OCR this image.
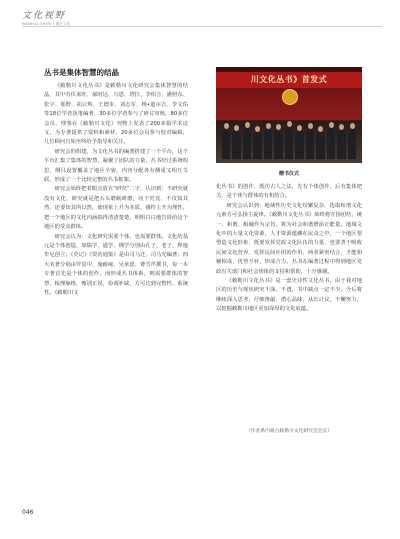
文化视野
WENHUA SHIYE | 康巴文化
丛书是集体智慧的结晶

《敕勒川文化丛书》是敕勒川文化研究会集体智慧的结晶，其中有伏来旺、郝时远、乌恩、塔拉、李相合、潘照东、张宇、那野、胡云辉、王德步、刘志军、杨•道尔吉、李文佑等18位学者执笔编著，30多位学者参与了研讨审核，80多位会员、理事在《敕勒川文化》刊物上发表了200多篇学术论文，为专著提供了资料和素材，20多位会员参与校对编辑，几位顾问自始至终给予指导和关注。

研究会的组建，为文化丛书的编著搭建了一个平台，这个平台汇集了集体的智慧，凝聚了团队的力量，丛书经过系统构思，纲目设置覆盖了地区全貌，内容分配各有侧重又相互关联，形成了一个比较完整的丛书框架。

研究会始终把着眼点放在“研究”二字，认识到：不研究就没有文化，研究就是把石头磨砺研磨，问个究竟，不仅知其然，还要知其所以然，使现象上升为本质，感性上升为理性，把一个地区的文化内涵搞得清清楚楚，明明白白地告诉给这个地区的受众群体。

研究会认为：文化研究需要个体，也需要群体。文化的基元是个体创造，如儒学、道学、佛学分别由孔子、老子、释迦牟尼创立；《史记》《资治通鉴》是由司马迁、司马光编著；四大名著分别由罗贯中、施耐庵、吴承恩、曹雪芹撰书，每一本专著首先是个体的创作，而形成丛书体系，则需要群体的智慧，梳理脉络，甄别正误，协调补缺，方可达到完整性、系统性。《敕勒川文

川文化丛书》首发式
赠书仪式

化丛书》的创作，既仿古人之法，先有个体创作，后有集体把关，是个体与群体的有机结合。

研究会认识到：地域性历史文化纷繁复杂，选取和谐文化元素方可弘扬主旋律。《敕勒川文化丛书》始终将宣扬团结、统一、和谐、相融作为宗旨，将为社会和谐增添正能量。地域文化中的大量文化资源，人才资源蕴藏在民众之中，一个地区要塑造文化形象，既要发挥党政文化队伍的力量，也要善于吸收民间文化营养，发挥民间社团的作用，两者紧密结合，才能相辅相成，优势互补，形成合力。丛书在编著过程中得到地区党政有关部门和社会团体的支持和帮助，十分感谢。

《敕勒川文化丛书》是一套史诗性文化丛书，由于我对地区的历史与现状研究不深、不透，书中缺点一定不少，今后将继续深入思考，仔细推敲，潜心品味，从长计议，不懈努力，以挖掘敕勒川地区更加深厚的文化底蕴。

（作者系内蒙古敕勒川文化研究会会长）
046
